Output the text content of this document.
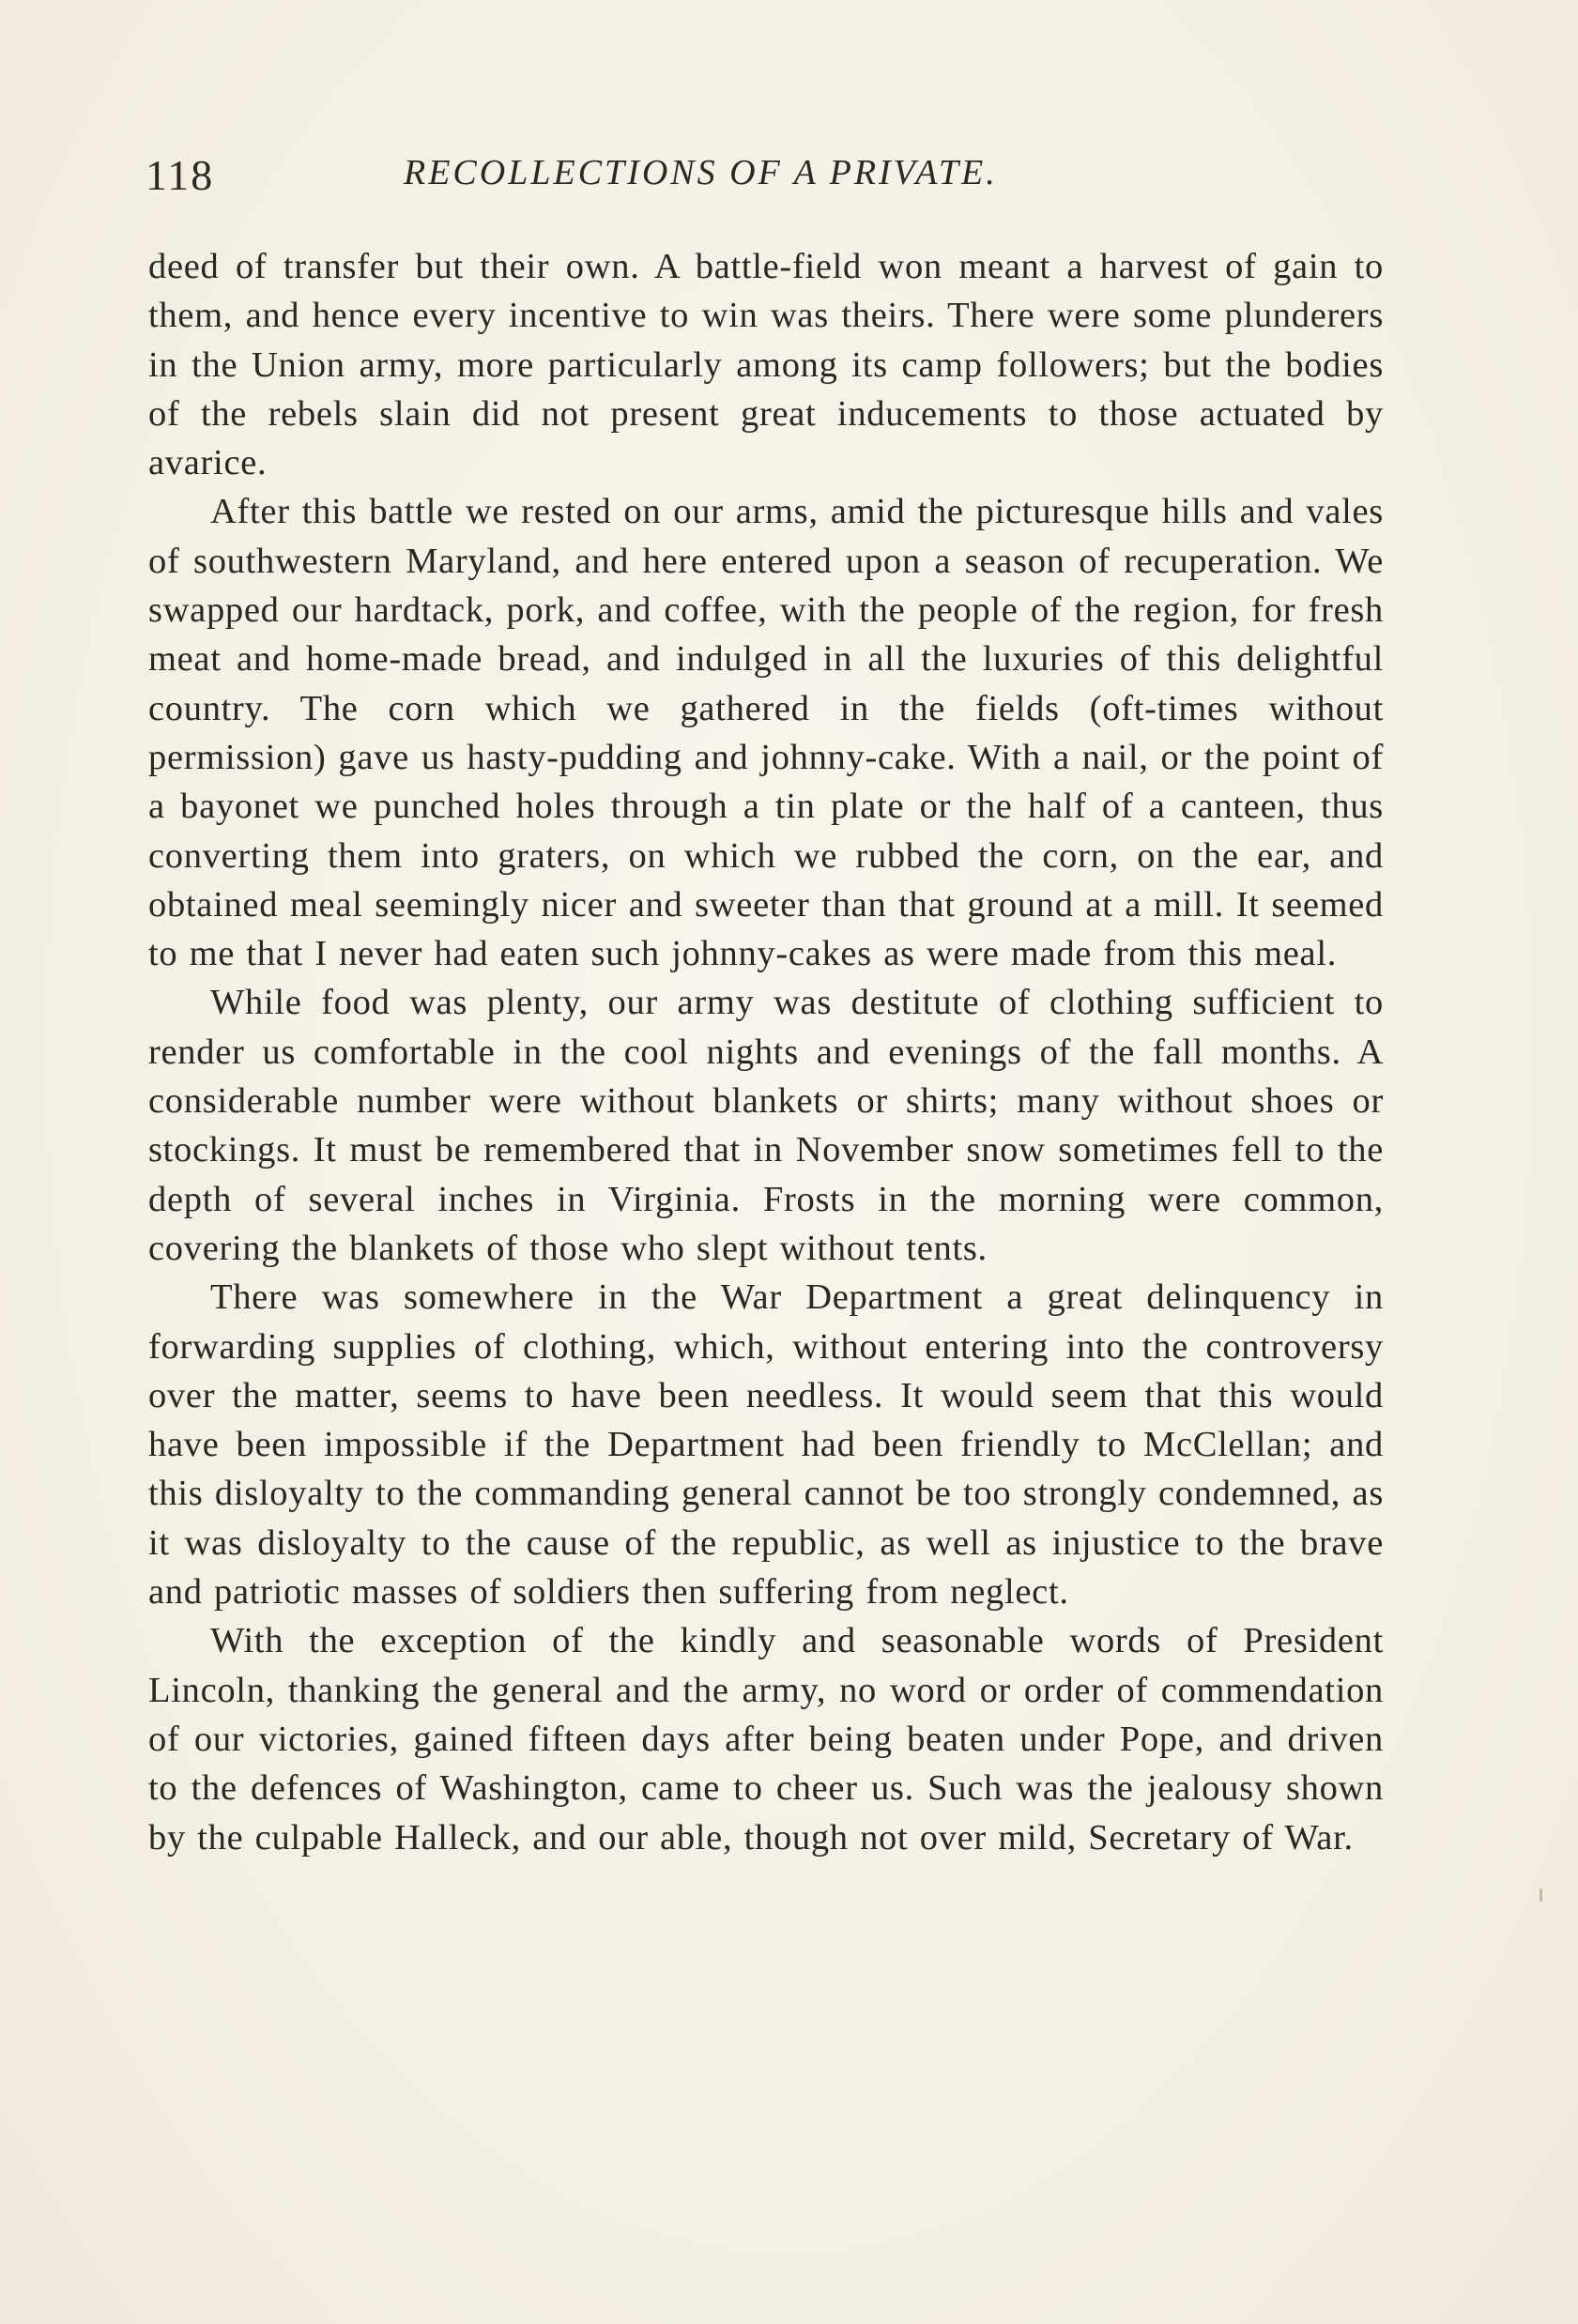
118	RECOLLECTIONS OF A PRIVATE.

deed of transfer but their own. A battle-field won meant a harvest of gain to them, and hence every incentive to win was theirs. There were some plunderers in the Union army, more particularly among its camp followers; but the bodies of the rebels slain did not present great inducements to those actuated by avarice.

After this battle we rested on our arms, amid the picturesque hills and vales of southwestern Maryland, and here entered upon a season of recuperation. We swapped our hardtack, pork, and coffee, with the people of the region, for fresh meat and home-made bread, and indulged in all the luxuries of this delightful country. The corn which we gathered in the fields (oft-times without permission) gave us hasty-pudding and johnny-cake. With a nail, or the point of a bayonet we punched holes through a tin plate or the half of a canteen, thus converting them into graters, on which we rubbed the corn, on the ear, and obtained meal seemingly nicer and sweeter than that ground at a mill. It seemed to me that I never had eaten such johnny-cakes as were made from this meal.

While food was plenty, our army was destitute of clothing sufficient to render us comfortable in the cool nights and evenings of the fall months. A considerable number were without blankets or shirts; many without shoes or stockings. It must be remembered that in November snow sometimes fell to the depth of several inches in Virginia. Frosts in the morning were common, covering the blankets of those who slept without tents.

There was somewhere in the War Department a great delinquency in forwarding supplies of clothing, which, without entering into the controversy over the matter, seems to have been needless. It would seem that this would have been impossible if the Department had been friendly to McClellan; and this disloyalty to the commanding general cannot be too strongly condemned, as it was disloyalty to the cause of the republic, as well as injustice to the brave and patriotic masses of soldiers then suffering from neglect.

With the exception of the kindly and seasonable words of President Lincoln, thanking the general and the army, no word or order of commendation of our victories, gained fifteen days after being beaten under Pope, and driven to the defences of Washington, came to cheer us. Such was the jealousy shown by the culpable Halleck, and our able, though not over mild, Secretary of War.
